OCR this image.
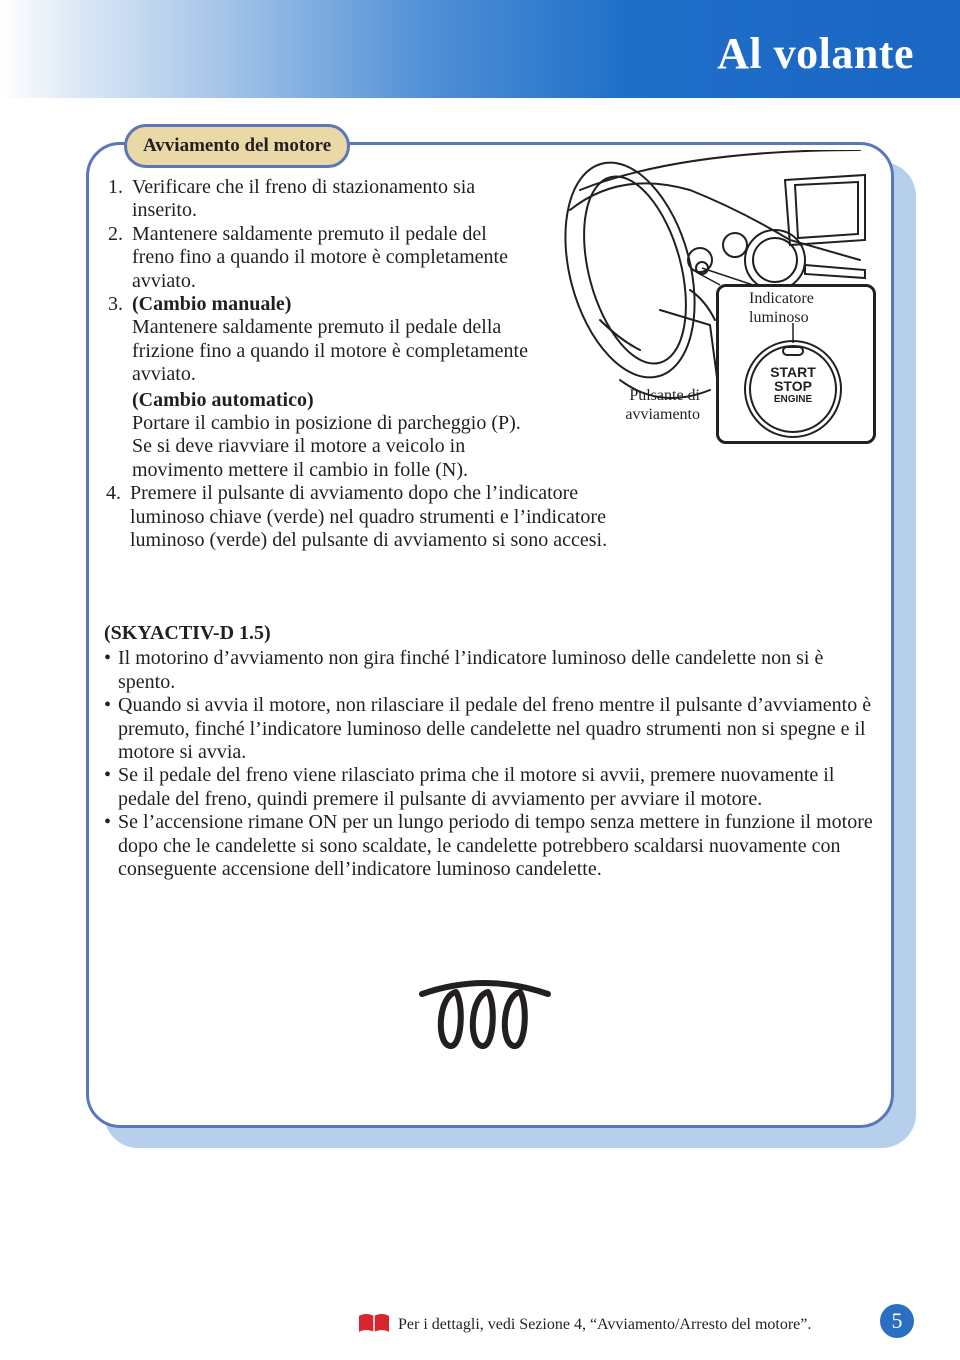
Al volante
Avviamento del motore
1. Verificare che il freno di stazionamento sia inserito.
2. Mantenere saldamente premuto il pedale del freno fino a quando il motore è completamente avviato.
3. (Cambio manuale)
Mantenere saldamente premuto il pedale della frizione fino a quando il motore è completamente avviato.
(Cambio automatico)
Portare il cambio in posizione di parcheggio (P). Se si deve riavviare il motore a veicolo in movimento mettere il cambio in folle (N).
4. Premere il pulsante di avviamento dopo che l’indicatore luminoso chiave (verde) nel quadro strumenti e l’indicatore luminoso (verde) del pulsante di avviamento si sono accesi.
Pulsante di avviamento
Indicatore luminoso
START
STOP
ENGINE
(SKYACTIV-D 1.5)
• Il motorino d’avviamento non gira finché l’indicatore luminoso delle candelette non si è spento.
• Quando si avvia il motore, non rilasciare il pedale del freno mentre il pulsante d’avviamento è premuto, finché l’indicatore luminoso delle candelette nel quadro strumenti non si spegne e il motore si avvia.
• Se il pedale del freno viene rilasciato prima che il motore si avvii, premere nuovamente il pedale del freno, quindi premere il pulsante di avviamento per avviare il motore.
• Se l’accensione rimane ON per un lungo periodo di tempo senza mettere in funzione il motore dopo che le candelette si sono scaldate, le candelette potrebbero scaldarsi nuovamente con conseguente accensione dell’indicatore luminoso candelette.
Per i dettagli, vedi Sezione 4, “Avviamento/Arresto del motore”.	5
